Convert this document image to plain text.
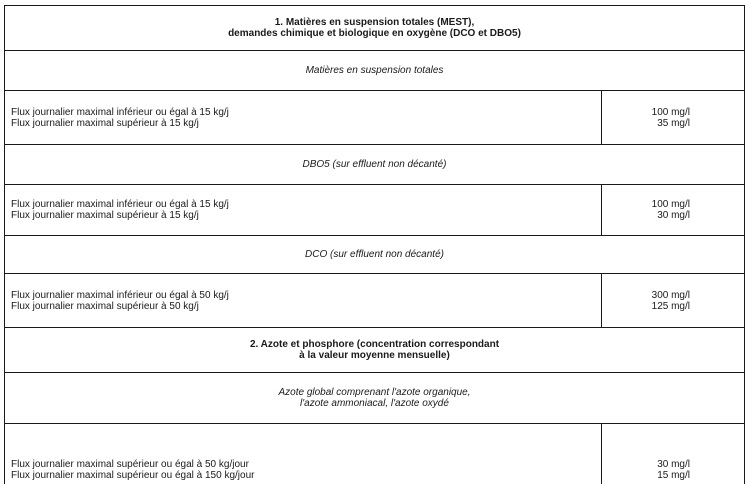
1. Matières en suspension totales (MEST),
demandes chimique et biologique en oxygène (DCO et DBO5)
Matières en suspension totales
Flux journalier maximal inférieur ou égal à 15 kg/j
Flux journalier maximal supérieur à 15 kg/j
100 mg/l
35 mg/l
DBO5 (sur effluent non décanté)
Flux journalier maximal inférieur ou égal à 15 kg/j
Flux journalier maximal supérieur à 15 kg/j
100 mg/l
30 mg/l
DCO (sur effluent non décanté)
Flux journalier maximal inférieur ou égal à 50 kg/j
Flux journalier maximal supérieur à 50 kg/j
300 mg/l
125 mg/l
2. Azote et phosphore (concentration correspondant
à la valeur moyenne mensuelle)
Azote global comprenant l'azote organique,
l'azote ammoniacal, l'azote oxydé
Flux journalier maximal supérieur ou égal à 50 kg/jour
Flux journalier maximal supérieur ou égal à 150 kg/jour
30 mg/l
15 mg/l
